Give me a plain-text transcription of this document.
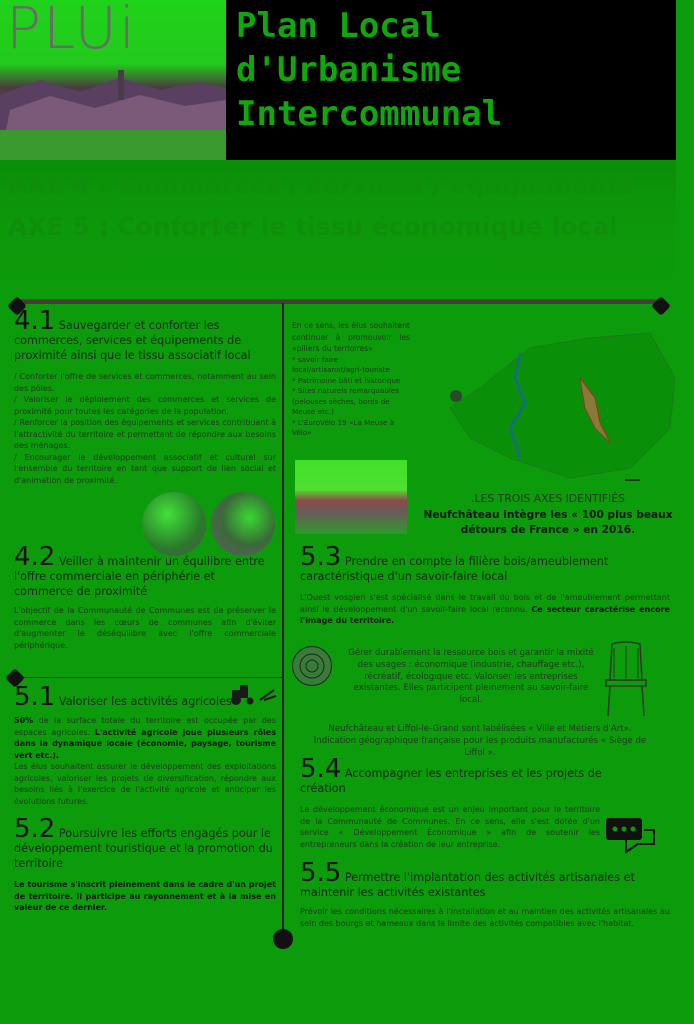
PLUi	Plan Local
d'Urbanisme
Intercommunal
AXE 4 : Commerces / services / équipements
AXE 5 : Conforter le tissu économique local
4.1 Sauvegarder et conforter les commerces, services et équipements de proximité ainsi que le tissu associatif local
/ Conforter l'offre de services et commerces, notamment au sein des pôles.
/ Valoriser le déploiement des commerces et services de proximité pour toutes les catégories de la population.
/ Renforcer la position des équipements et services contribuant à l'attractivité du territoire et permettant de répondre aux besoins des ménages.
/ Encourager le développement associatif et culturel sur l'ensemble du territoire en tant que support de lien social et d'animation de proximité.
4.2 Veiller à maintenir un équilibre entre l'offre commerciale en périphérie et commerce de proximité
L'objectif de la Communauté de Communes est de préserver le commerce dans les cœurs de communes afin d'éviter d'augmenter le déséquilibre avec l'offre commerciale périphérique.
5.1 Valoriser les activités agricoles
50% de la surface totale du territoire est occupée par des espaces agricoles. L'activité agricole joue plusieurs rôles dans la dynamique locale (économie, paysage, tourisme vert etc.).
Les élus souhaitent assurer le développement des exploitations agricoles, valoriser les projets de diversification, répondre aux besoins liés à l'exercice de l'activité agricole et anticiper les évolutions futures.
5.2 Poursuivre les efforts engagés pour le développement touristique et la promotion du territoire
Le tourisme s'inscrit pleinement dans le cadre d'un projet de territoire. Il participe au rayonnement et à la mise en valeur de ce dernier.
En ce sens, les élus souhaitent continuer à promouvoir les «piliers du terrioires»
* savoir faire local/artisanat/agri-touriste
* Patrimoine bâti et historique
* Sites naturels remarquables (pelouses sèches, bords de Meuse etc.)
* L'EuroVélo 19 «La Meuse à Vélo»
.LES TROIS AXES IDENTIFIÉS
Neufchâteau intègre les « 100 plus beaux détours de France » en 2016.
5.3 Prendre en compte la filière bois/ameublement caractéristique d'un savoir-faire local
L'Ouest vosgien s'est spécialisé dans le travail du bois et de l'ameublement permettant ainsi le développement d'un savoir-faire local reconnu. Ce secteur caractérise encore l'image du territoire.
Gérer durablement la ressource bois et garantir la mixité des usages : économique (industrie, chauffage etc.), récréatif, écologique etc. Valoriser les entreprises existantes. Elles participent pleinement au savoir-faire local.
Neufchâteau et Liffol-le-Grand sont labélisées « Ville et Métiers d'Art». Indication géographique française pour les produits manufacturés « Siège de Liffol ».
5.4 Accompagner les entreprises et les projets de création
Le développement économique est un enjeu important pour le territoire de la Communauté de Communes. En ce sens, elle s'est dotée d'un service « Développement Économique » afin de soutenir les entrepreneurs dans la création de leur entreprise.
5.5 Permettre l'implantation des activités artisanales et maintenir les activités existantes
Prévoir les conditions nécessaires à l'installation et au maintien des activités artisanales au sein des bourgs et hameaux dans la limite des activités compatibles avec l'habitat.
